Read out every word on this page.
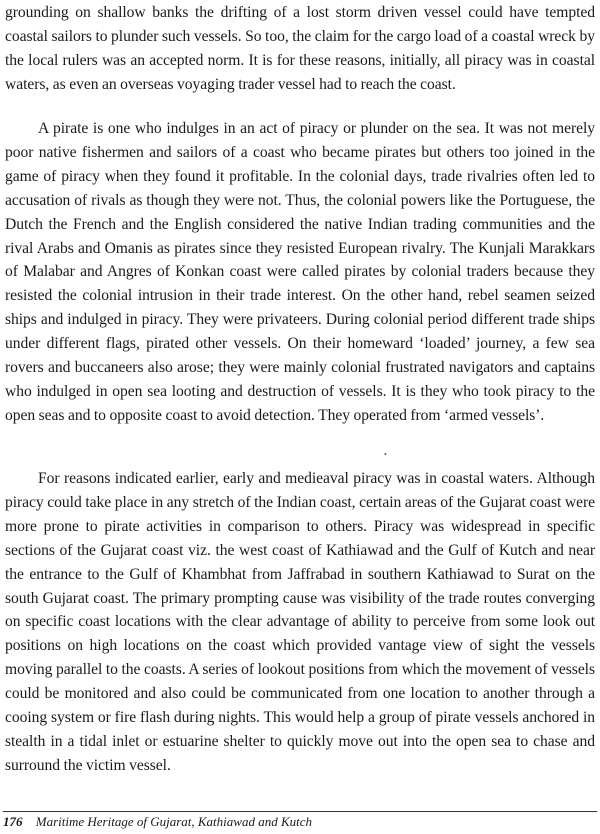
grounding on shallow banks the drifting of a lost storm driven vessel could have tempted coastal sailors to plunder such vessels. So too, the claim for the cargo load of a coastal wreck by the local rulers was an accepted norm. It is for these reasons, initially, all piracy was in coastal waters, as even an overseas voyaging trader vessel had to reach the coast.

A pirate is one who indulges in an act of piracy or plunder on the sea. It was not merely poor native fishermen and sailors of a coast who became pirates but others too joined in the game of piracy when they found it profitable. In the colonial days, trade rivalries often led to accusation of rivals as though they were not. Thus, the colonial powers like the Portuguese, the Dutch the French and the English considered the native Indian trading communities and the rival Arabs and Omanis as pirates since they resisted European rivalry. The Kunjali Marakkars of Malabar and Angres of Konkan coast were called pirates by colonial traders because they resisted the colonial intrusion in their trade interest. On the other hand, rebel seamen seized ships and indulged in piracy. They were privateers. During colonial period different trade ships under different flags, pirated other vessels. On their homeward ‘loaded’ journey, a few sea rovers and buccaneers also arose; they were mainly colonial frustrated navigators and captains who indulged in open sea looting and destruction of vessels. It is they who took piracy to the open seas and to opposite coast to avoid detection. They operated from ‘armed vessels’.

•

For reasons indicated earlier, early and medieaval piracy was in coastal waters. Although piracy could take place in any stretch of the Indian coast, certain areas of the Gujarat coast were more prone to pirate activities in comparison to others. Piracy was widespread in specific sections of the Gujarat coast viz. the west coast of Kathiawad and the Gulf of Kutch and near the entrance to the Gulf of Khambhat from Jaffrabad in southern Kathiawad to Surat on the south Gujarat coast. The primary prompting cause was visibility of the trade routes converging on specific coast locations with the clear advantage of ability to perceive from some look out positions on high locations on the coast which provided vantage view of sight the vessels moving parallel to the coasts. A series of lookout positions from which the movement of vessels could be monitored and also could be communicated from one location to another through a cooing system or fire flash during nights. This would help a group of pirate vessels anchored in stealth in a tidal inlet or estuarine shelter to quickly move out into the open sea to chase and surround the victim vessel.

176 Maritime Heritage of Gujarat, Kathiawad and Kutch
